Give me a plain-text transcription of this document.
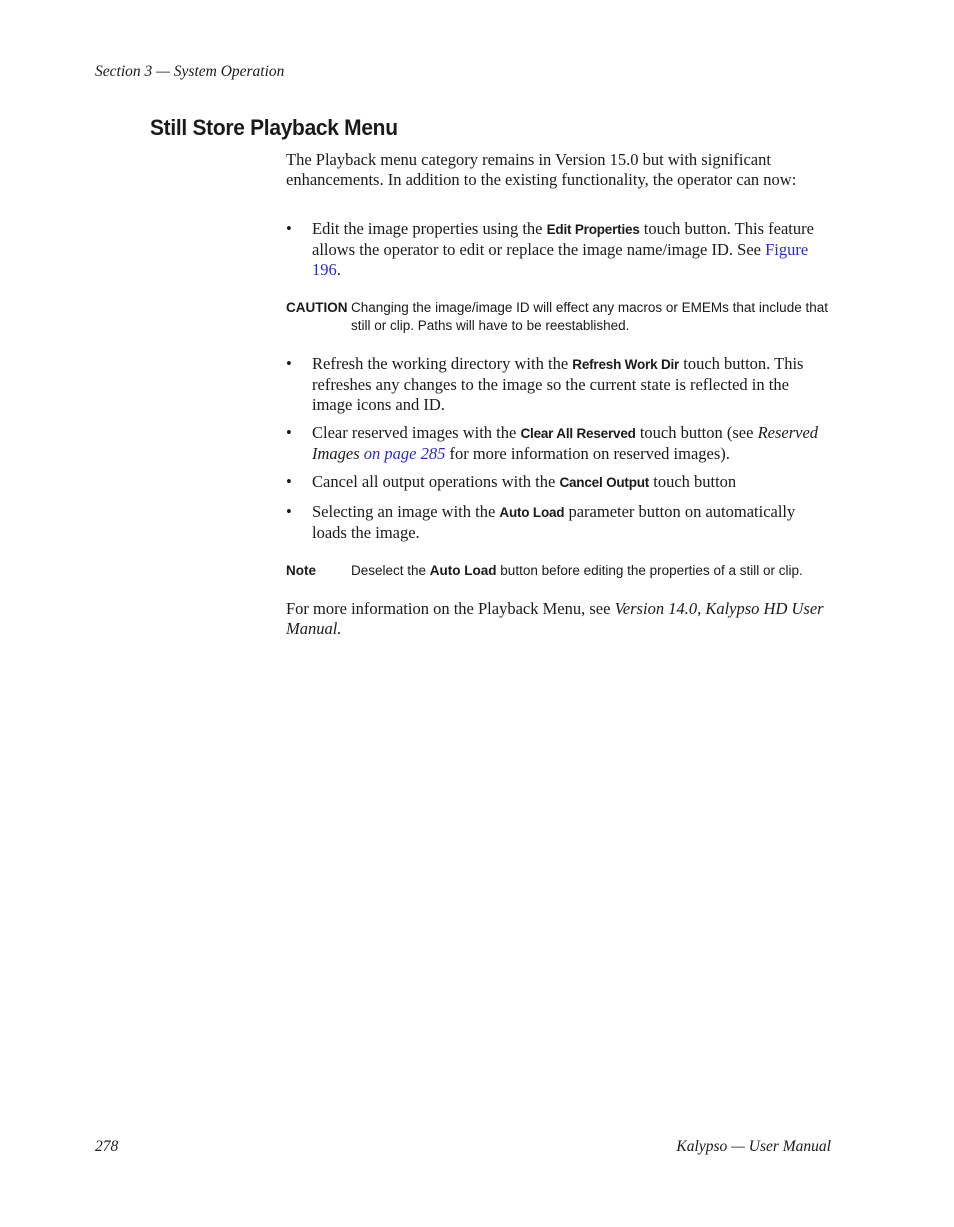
Section 3 — System Operation
Still Store Playback Menu
The Playback menu category remains in Version 15.0 but with significant enhancements. In addition to the existing functionality, the operator can now:
• Edit the image properties using the Edit Properties touch button. This feature allows the operator to edit or replace the image name/image ID. See Figure 196.
CAUTION Changing the image/image ID will effect any macros or EMEMs that include that still or clip. Paths will have to be reestablished.
• Refresh the working directory with the Refresh Work Dir touch button. This refreshes any changes to the image so the current state is reflected in the image icons and ID.
• Clear reserved images with the Clear All Reserved touch button (see Reserved Images on page 285 for more information on reserved images).
• Cancel all output operations with the Cancel Output touch button
• Selecting an image with the Auto Load parameter button on automatically loads the image.
Note	Deselect the Auto Load button before editing the properties of a still or clip.
For more information on the Playback Menu, see Version 14.0, Kalypso HD User Manual.
278	Kalypso — User Manual
